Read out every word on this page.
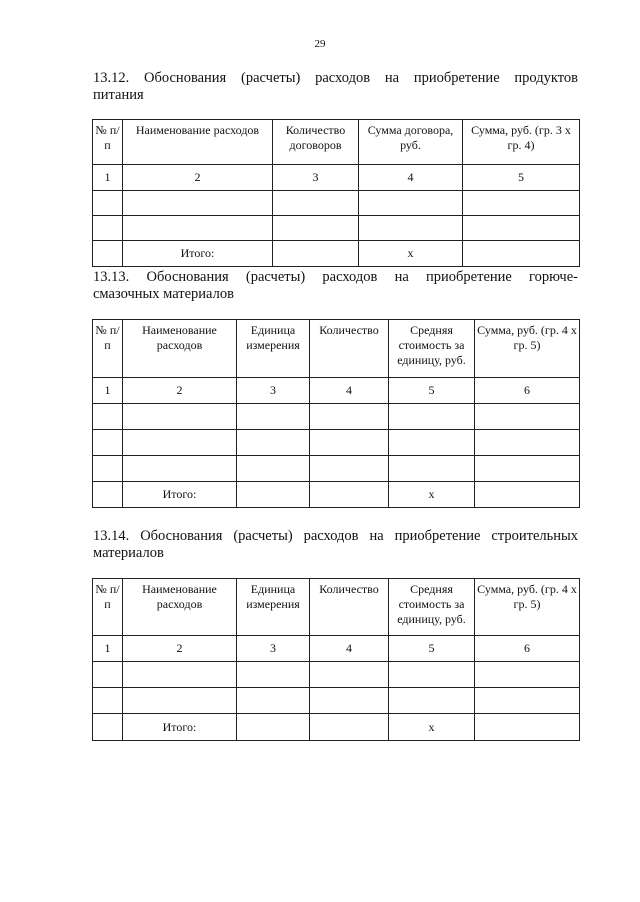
29
13.12. Обоснования (расчеты) расходов на приобретение продуктов
питания
№ п/п	Наименование расходов	Количество договоров	Сумма договора, руб.	Сумма, руб. (гр. 3 х гр. 4)
1	2	3	4	5

	Итого:		х	
13.13. Обоснования (расчеты) расходов на приобретение горюче-
смазочных материалов
№ п/п	Наименование расходов	Единица измерения	Количество	Средняя стоимость за единицу, руб.	Сумма, руб. (гр. 4 х гр. 5)
1	2	3	4	5	6

	Итого:			х	
13.14. Обоснования (расчеты) расходов на приобретение строительных
материалов
№ п/п	Наименование расходов	Единица измерения	Количество	Средняя стоимость за единицу, руб.	Сумма, руб. (гр. 4 х гр. 5)
1	2	3	4	5	6

	Итого:			х	
